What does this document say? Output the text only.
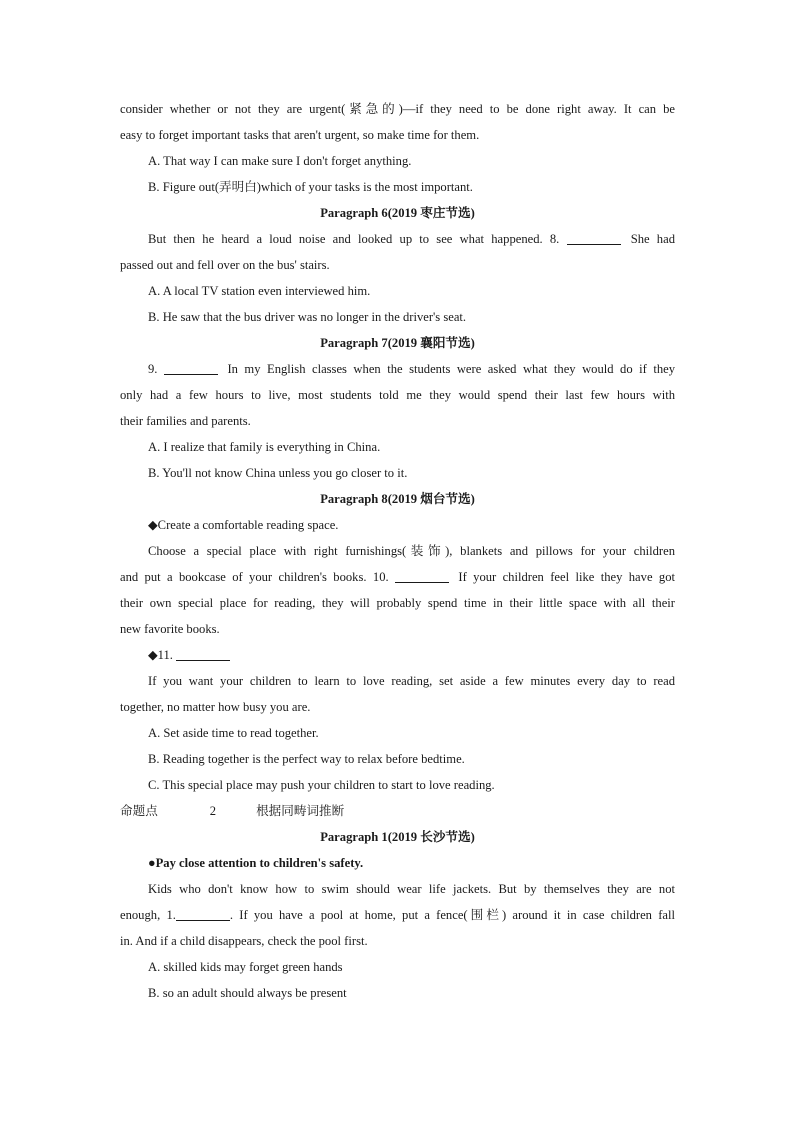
consider whether or not they are urgent(紧急的)—if they need to be done right away. It can be
easy to forget important tasks that aren't urgent, so make time for them.
A. That way I can make sure I don't forget anything.
B. Figure out(弄明白)which of your tasks is the most important.
Paragraph 6(2019 枣庄节选)
But then he heard a loud noise and looked up to see what happened. 8.	She had
passed out and fell over on the bus' stairs.
A. A local TV station even interviewed him.
B. He saw that the bus driver was no longer in the driver's seat.
Paragraph 7(2019 襄阳节选)
9.	In my English classes when the students were asked what they would do if they
only had a few hours to live, most students told me they would spend their last few hours with
their families and parents.
A. I realize that family is everything in China.
B. You'll not know China unless you go closer to it.
Paragraph 8(2019 烟台节选)
◆Create a comfortable reading space.
Choose a special place with right furnishings(装饰), blankets and pillows for your children
and put a bookcase of your children's books. 10.	If your children feel like they have got
their own special place for reading, they will probably spend time in their little space with all their
new favorite books.
◆11.
If you want your children to learn to love reading, set aside a few minutes every day to read
together, no matter how busy you are.
A. Set aside time to read together.
B. Reading together is the perfect way to relax before bedtime.
C. This special place may push your children to start to love reading.
命题点	2	根据同畴词推断
Paragraph 1(2019 长沙节选)
●Pay close attention to children's safety.
Kids who don't know how to swim should wear life jackets. But by themselves they are not
enough, 1.	. If you have a pool at home, put a fence(围栏) around it in case children fall
in. And if a child disappears, check the pool first.
A. skilled kids may forget green hands
B. so an adult should always be present
